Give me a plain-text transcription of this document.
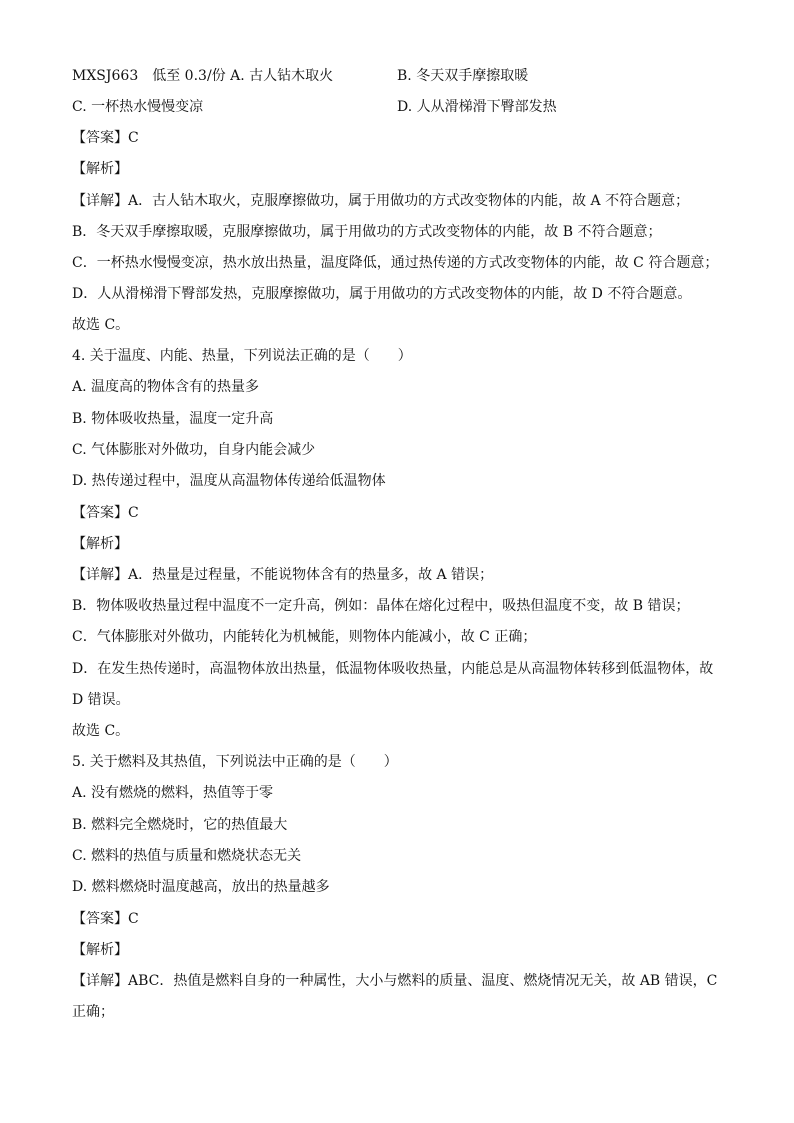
MXSJ663　低至 0.3/份 A. 古人钻木取火	B. 冬天双手摩擦取暖
C. 一杯热水慢慢变凉	D. 人从滑梯滑下臀部发热
【答案】C
【解析】
【详解】A．古人钻木取火，克服摩擦做功，属于用做功的方式改变物体的内能，故 A 不符合题意；
B．冬天双手摩擦取暖，克服摩擦做功，属于用做功的方式改变物体的内能，故 B 不符合题意；
C．一杯热水慢慢变凉，热水放出热量，温度降低，通过热传递的方式改变物体的内能，故 C 符合题意；
D．人从滑梯滑下臀部发热，克服摩擦做功，属于用做功的方式改变物体的内能，故 D 不符合题意。
故选 C。
4. 关于温度、内能、热量，下列说法正确的是（　　）
A. 温度高的物体含有的热量多
B. 物体吸收热量，温度一定升高
C. 气体膨胀对外做功，自身内能会减少
D. 热传递过程中，温度从高温物体传递给低温物体
【答案】C
【解析】
【详解】A．热量是过程量，不能说物体含有的热量多，故 A 错误；
B．物体吸收热量过程中温度不一定升高，例如：晶体在熔化过程中，吸热但温度不变，故 B 错误；
C．气体膨胀对外做功，内能转化为机械能，则物体内能减小，故 C 正确；
D．在发生热传递时，高温物体放出热量，低温物体吸收热量，内能总是从高温物体转移到低温物体，故
D 错误。
故选 C。
5. 关于燃料及其热值，下列说法中正确的是（　　）
A. 没有燃烧的燃料，热值等于零
B. 燃料完全燃烧时，它的热值最大
C. 燃料的热值与质量和燃烧状态无关
D. 燃料燃烧时温度越高，放出的热量越多
【答案】C
【解析】
【详解】ABC．热值是燃料自身的一种属性，大小与燃料的质量、温度、燃烧情况无关，故 AB 错误，C
正确；
